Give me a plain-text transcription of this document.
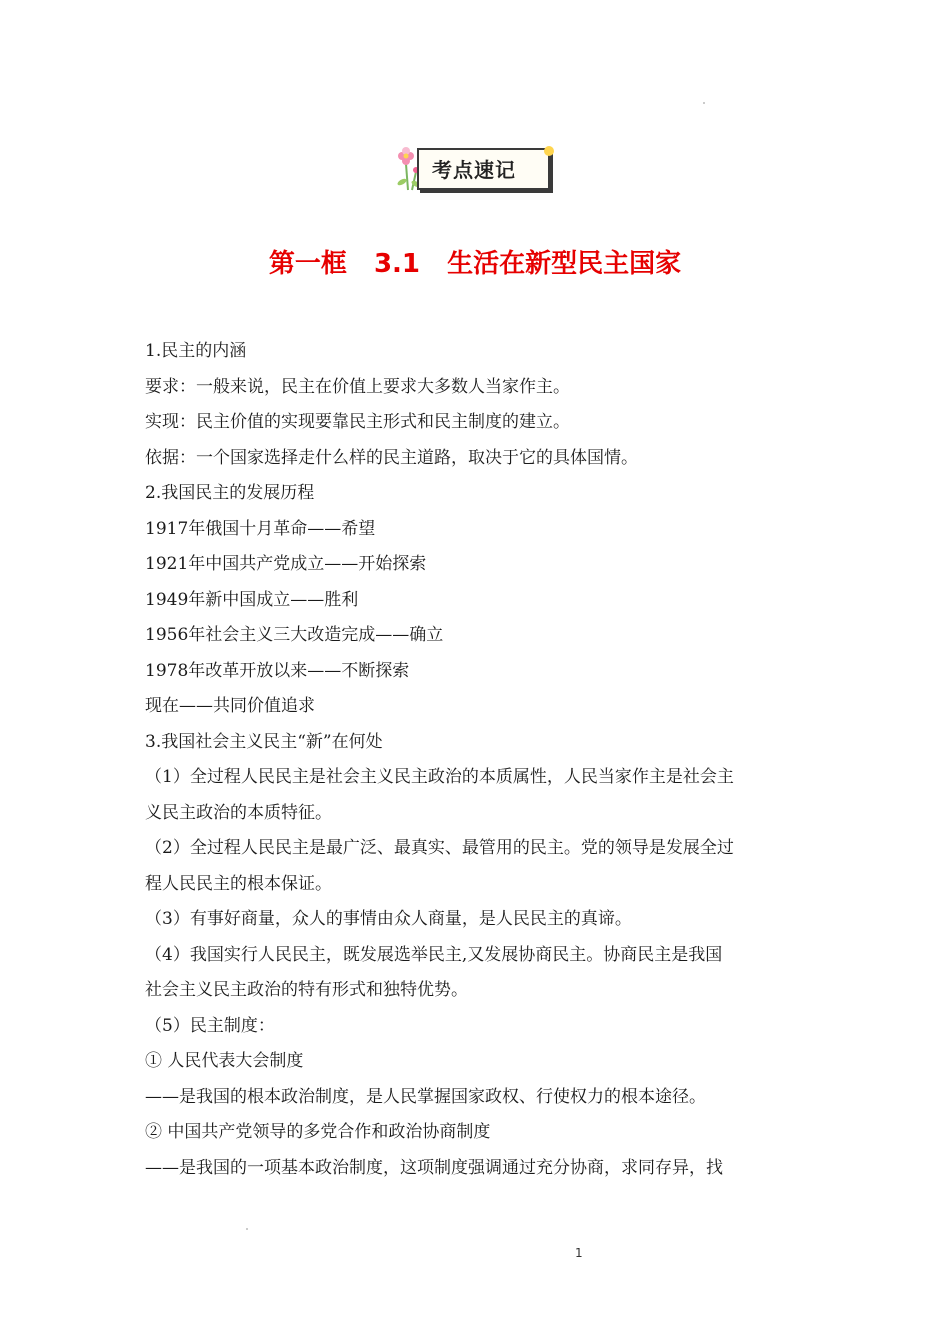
考点速记
第一框   3.1   生活在新型民主国家
1.民主的内涵
要求：一般来说，民主在价值上要求大多数人当家作主。
实现：民主价值的实现要靠民主形式和民主制度的建立。
依据：一个国家选择走什么样的民主道路，取决于它的具体国情。
2.我国民主的发展历程
1917年俄国十月革命——希望
1921年中国共产党成立——开始探索
1949年新中国成立——胜利
1956年社会主义三大改造完成——确立
1978年改革开放以来——不断探索
现在——共同价值追求
3.我国社会主义民主“新”在何处
（1）全过程人民民主是社会主义民主政治的本质属性，人民当家作主是社会主
义民主政治的本质特征。
（2）全过程人民民主是最广泛、最真实、最管用的民主。党的领导是发展全过
程人民民主的根本保证。
（3）有事好商量，众人的事情由众人商量，是人民民主的真谛。
（4）我国实行人民民主，既发展选举民主,又发展协商民主。协商民主是我国
社会主义民主政治的特有形式和独特优势。
（5）民主制度：
① 人民代表大会制度
——是我国的根本政治制度，是人民掌握国家政权、行使权力的根本途径。
② 中国共产党领导的多党合作和政治协商制度
——是我国的一项基本政治制度，这项制度强调通过充分协商，求同存异，找
1
